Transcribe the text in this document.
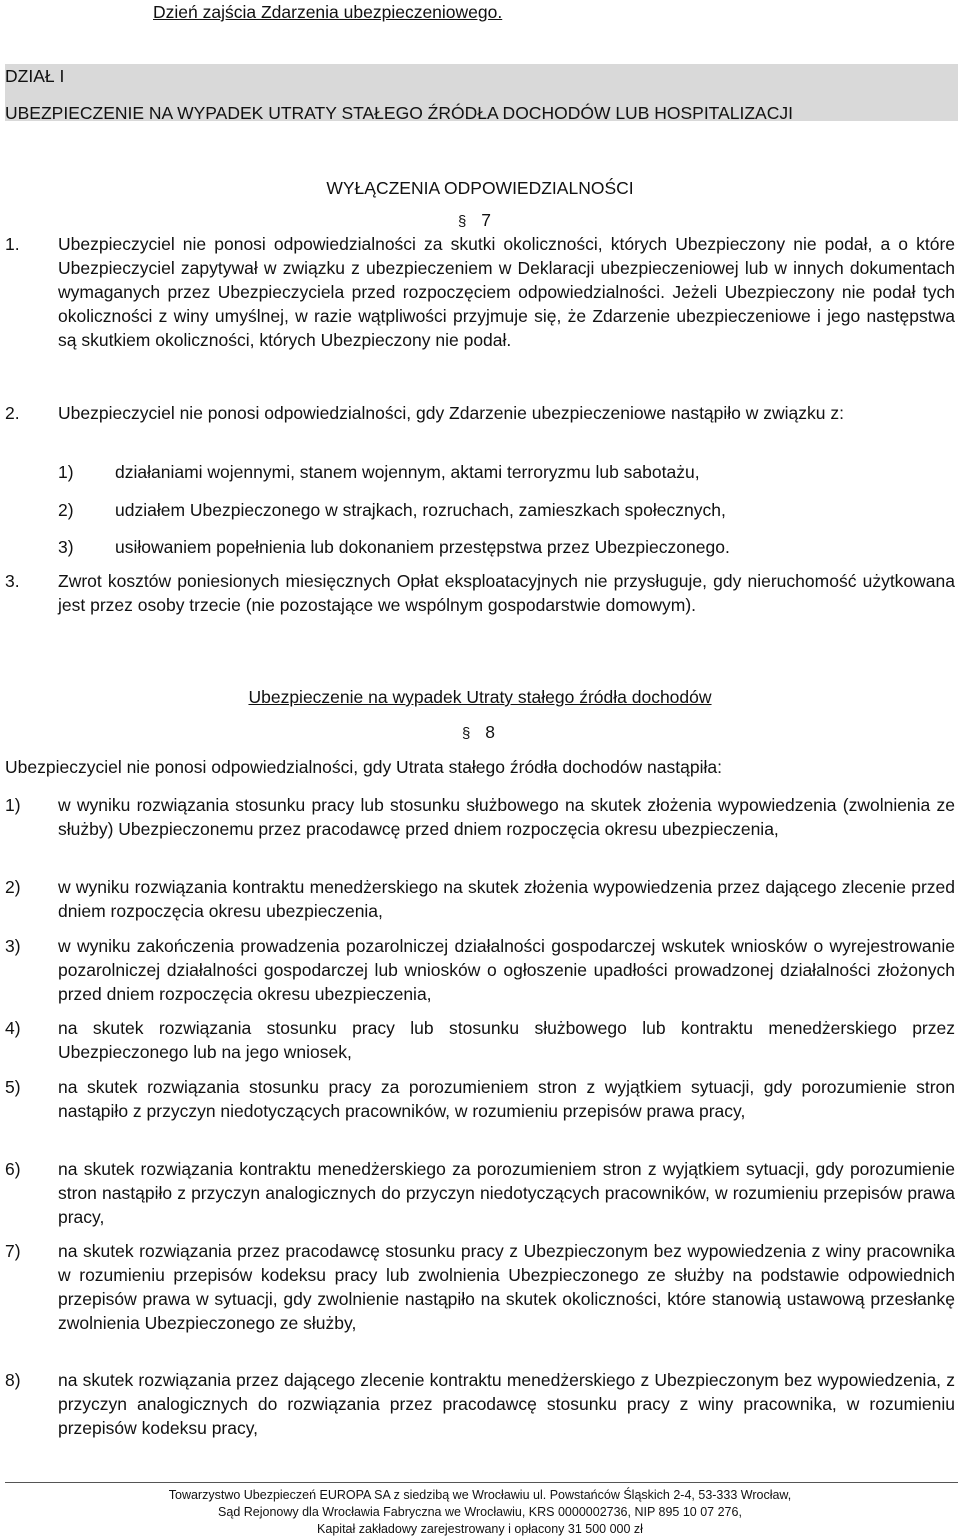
Dzień zajścia Zdarzenia ubezpieczeniowego.
DZIAŁ I
UBEZPIECZENIE NA WYPADEK UTRATY STAŁEGO ŹRÓDŁA DOCHODÓW LUB HOSPITALIZACJI
WYŁĄCZENIA ODPOWIEDZIALNOŚCI
§ 7
1. Ubezpieczyciel nie ponosi odpowiedzialności za skutki okoliczności, których Ubezpieczony nie podał, a o które Ubezpieczyciel zapytywał w związku z ubezpieczeniem w Deklaracji ubezpieczeniowej lub w innych dokumentach wymaganych przez Ubezpieczyciela przed rozpoczęciem odpowiedzialności. Jeżeli Ubezpieczony nie podał tych okoliczności z winy umyślnej, w razie wątpliwości przyjmuje się, że Zdarzenie ubezpieczeniowe i jego następstwa są skutkiem okoliczności, których Ubezpieczony nie podał.
2. Ubezpieczyciel nie ponosi odpowiedzialności, gdy Zdarzenie ubezpieczeniowe nastąpiło w związku z:
1) działaniami wojennymi, stanem wojennym, aktami terroryzmu lub sabotażu,
2) udziałem Ubezpieczonego w strajkach, rozruchach, zamieszkach społecznych,
3) usiłowaniem popełnienia lub dokonaniem przestępstwa przez Ubezpieczonego.
3. Zwrot kosztów poniesionych miesięcznych Opłat eksploatacyjnych nie przysługuje, gdy nieruchomość użytkowana jest przez osoby trzecie (nie pozostające we wspólnym gospodarstwie domowym).
Ubezpieczenie na wypadek Utraty stałego źródła dochodów
§ 8
Ubezpieczyciel nie ponosi odpowiedzialności, gdy Utrata stałego źródła dochodów nastąpiła:
1) w wyniku rozwiązania stosunku pracy lub stosunku służbowego na skutek złożenia wypowiedzenia (zwolnienia ze służby) Ubezpieczonemu przez pracodawcę przed dniem rozpoczęcia okresu ubezpieczenia,
2) w wyniku rozwiązania kontraktu menedżerskiego na skutek złożenia wypowiedzenia przez dającego zlecenie przed dniem rozpoczęcia okresu ubezpieczenia,
3) w wyniku zakończenia prowadzenia pozarolniczej działalności gospodarczej wskutek wniosków o wyrejestrowanie pozarolniczej działalności gospodarczej lub wniosków o ogłoszenie upadłości prowadzonej działalności złożonych przed dniem rozpoczęcia okresu ubezpieczenia,
4) na skutek rozwiązania stosunku pracy lub stosunku służbowego lub kontraktu menedżerskiego przez Ubezpieczonego lub na jego wniosek,
5) na skutek rozwiązania stosunku pracy za porozumieniem stron z wyjątkiem sytuacji, gdy porozumienie stron nastąpiło z przyczyn niedotyczących pracowników, w rozumieniu przepisów prawa pracy,
6) na skutek rozwiązania kontraktu menedżerskiego za porozumieniem stron z wyjątkiem sytuacji, gdy porozumienie stron nastąpiło z przyczyn analogicznych do przyczyn niedotyczących pracowników, w rozumieniu przepisów prawa pracy,
7) na skutek rozwiązania przez pracodawcę stosunku pracy z Ubezpieczonym bez wypowiedzenia z winy pracownika w rozumieniu przepisów kodeksu pracy lub zwolnienia Ubezpieczonego ze służby na podstawie odpowiednich przepisów prawa w sytuacji, gdy zwolnienie nastąpiło na skutek okoliczności, które stanowią ustawową przesłankę zwolnienia Ubezpieczonego ze służby,
8) na skutek rozwiązania przez dającego zlecenie kontraktu menedżerskiego z Ubezpieczonym bez wypowiedzenia, z przyczyn analogicznych do rozwiązania przez pracodawcę stosunku pracy z winy pracownika, w rozumieniu przepisów kodeksu pracy,
Towarzystwo Ubezpieczeń EUROPA SA z siedzibą we Wrocławiu ul. Powstańców Śląskich 2-4, 53-333 Wrocław,
Sąd Rejonowy dla Wrocławia Fabryczna we Wrocławiu, KRS 0000002736, NIP 895 10 07 276,
Kapitał zakładowy zarejestrowany i opłacony 31 500 000 zł
